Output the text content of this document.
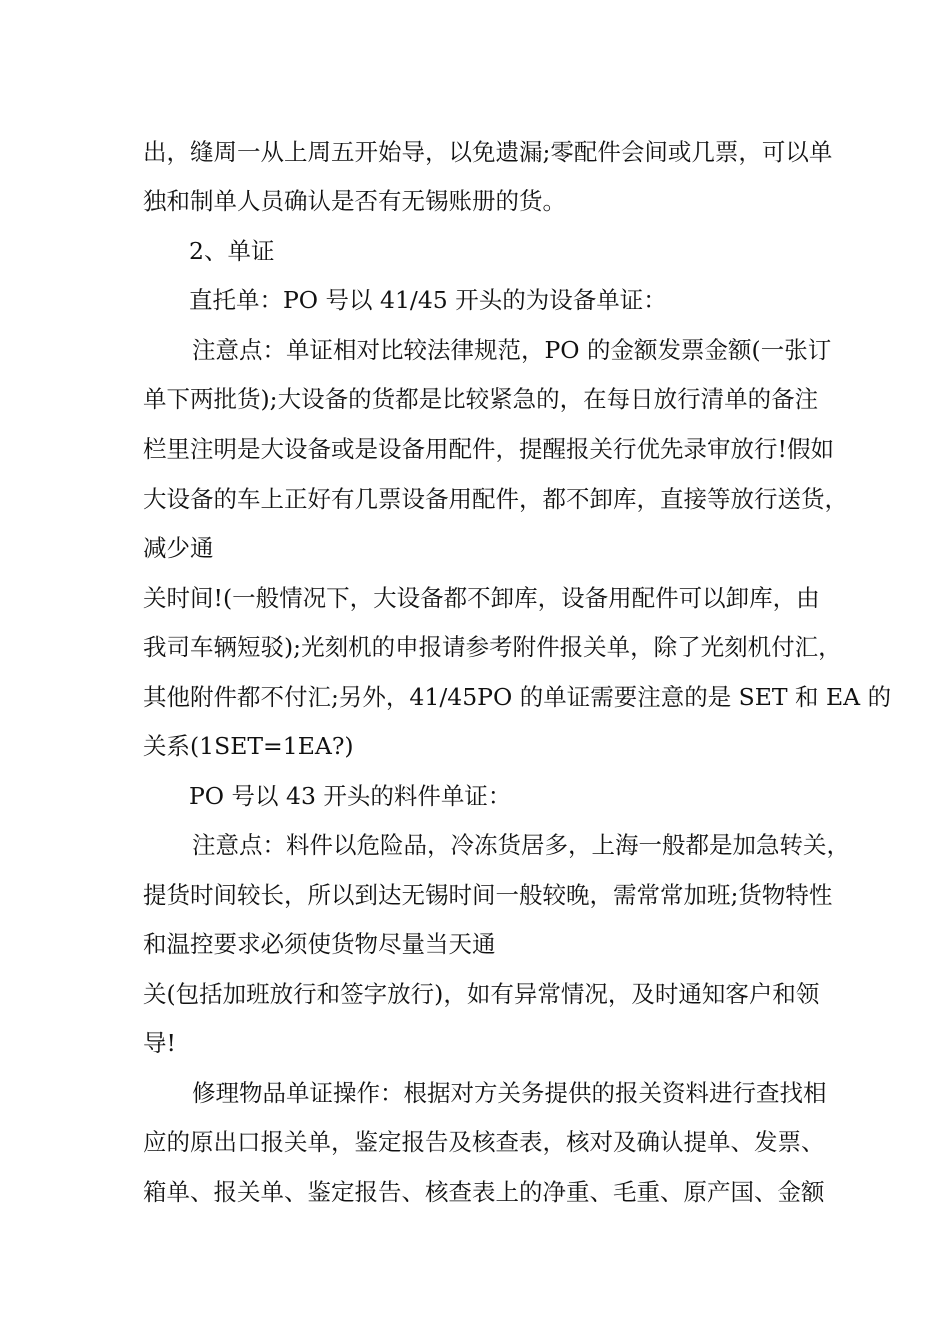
出，缝周一从上周五开始导，以免遗漏;零配件会间或几票，可以单
独和制单人员确认是否有无锡账册的货。
2、单证
直托单：PO 号以 41/45 开头的为设备单证：
注意点：单证相对比较法律规范，PO 的金额发票金额(一张订
单下两批货);大设备的货都是比较紧急的，在每日放行清单的备注
栏里注明是大设备或是设备用配件，提醒报关行优先录审放行!假如
大设备的车上正好有几票设备用配件，都不卸库，直接等放行送货，
减少通
关时间!(一般情况下，大设备都不卸库，设备用配件可以卸库，由
我司车辆短驳);光刻机的申报请参考附件报关单，除了光刻机付汇，
其他附件都不付汇;另外，41/45PO 的单证需要注意的是 SET 和 EA 的
关系(1SET=1EA?)
PO 号以 43 开头的料件单证：
注意点：料件以危险品，冷冻货居多，上海一般都是加急转关，
提货时间较长，所以到达无锡时间一般较晚，需常常加班;货物特性
和温控要求必须使货物尽量当天通
关(包括加班放行和签字放行)，如有异常情况，及时通知客户和领
导!
修理物品单证操作：根据对方关务提供的报关资料进行查找相
应的原出口报关单，鉴定报告及核查表，核对及确认提单、发票、
箱单、报关单、鉴定报告、核查表上的净重、毛重、原产国、金额
